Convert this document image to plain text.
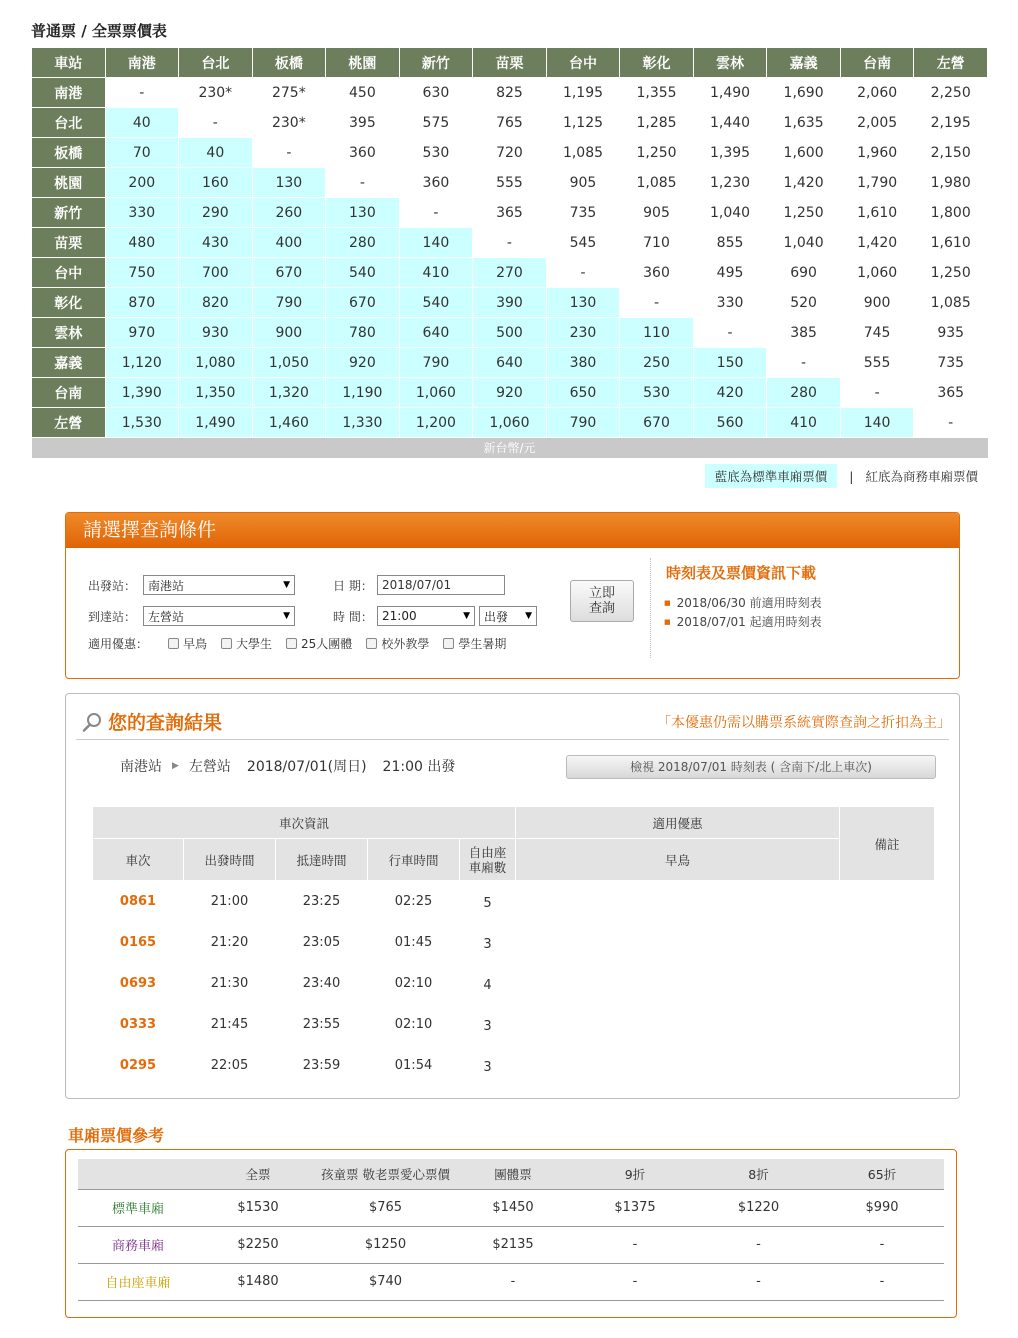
普通票 / 全票票價表
車站	南港	台北	板橋	桃園	新竹	苗栗	台中	彰化	雲林	嘉義	台南	左營
南港	-	230*	275*	450	630	825	1,195	1,355	1,490	1,690	2,060	2,250
台北	40	-	230*	395	575	765	1,125	1,285	1,440	1,635	2,005	2,195
板橋	70	40	-	360	530	720	1,085	1,250	1,395	1,600	1,960	2,150
桃園	200	160	130	-	360	555	905	1,085	1,230	1,420	1,790	1,980
新竹	330	290	260	130	-	365	735	905	1,040	1,250	1,610	1,800
苗栗	480	430	400	280	140	-	545	710	855	1,040	1,420	1,610
台中	750	700	670	540	410	270	-	360	495	690	1,060	1,250
彰化	870	820	790	670	540	390	130	-	330	520	900	1,085
雲林	970	930	900	780	640	500	230	110	-	385	745	935
嘉義	1,120	1,080	1,050	920	790	640	380	250	150	-	555	735
台南	1,390	1,350	1,320	1,190	1,060	920	650	530	420	280	-	365
左營	1,530	1,490	1,460	1,330	1,200	1,060	790	670	560	410	140	-
新台幣/元												
藍底為標準車廂票價	| 紅底為商務車廂票價
請選擇查詢條件
出發站： 南港站	▼	日 期： 2018/07/01
到達站： 左營站	▼	時 間： 21:00	▼ 出發 ▼
適用優惠：	早鳥 大學生 25人團體 校外教學 學生暑期
立即
查詢
時刻表及票價資訊下載
■ 2018/06/30 前適用時刻表
■ 2018/07/01 起適用時刻表
您的查詢結果	「本優惠仍需以購票系統實際查詢之折扣為主」
南港站 ▶ 左營站 2018/07/01(周日) 21:00 出發	檢視 2018/07/01 時刻表 ( 含南下/北上車次)
車次資訊					適用優惠	備註
車次	出發時間	抵達時間	行車時間	自由座
車廂數	早鳥	
0861	21:00	23:25	02:25	5		
0165	21:20	23:05	01:45	3		
0693	21:30	23:40	02:10	4		
0333	21:45	23:55	02:10	3		
0295	22:05	23:59	01:54	3		
車廂票價參考
	全票	孩童票 敬老票愛心票價	團體票	9折	8折	65折
標準車廂	$1530	$765	$1450	$1375	$1220	$990
商務車廂	$2250	$1250	$2135	-	-	-
自由座車廂	$1480	$740	-	-	-	-
